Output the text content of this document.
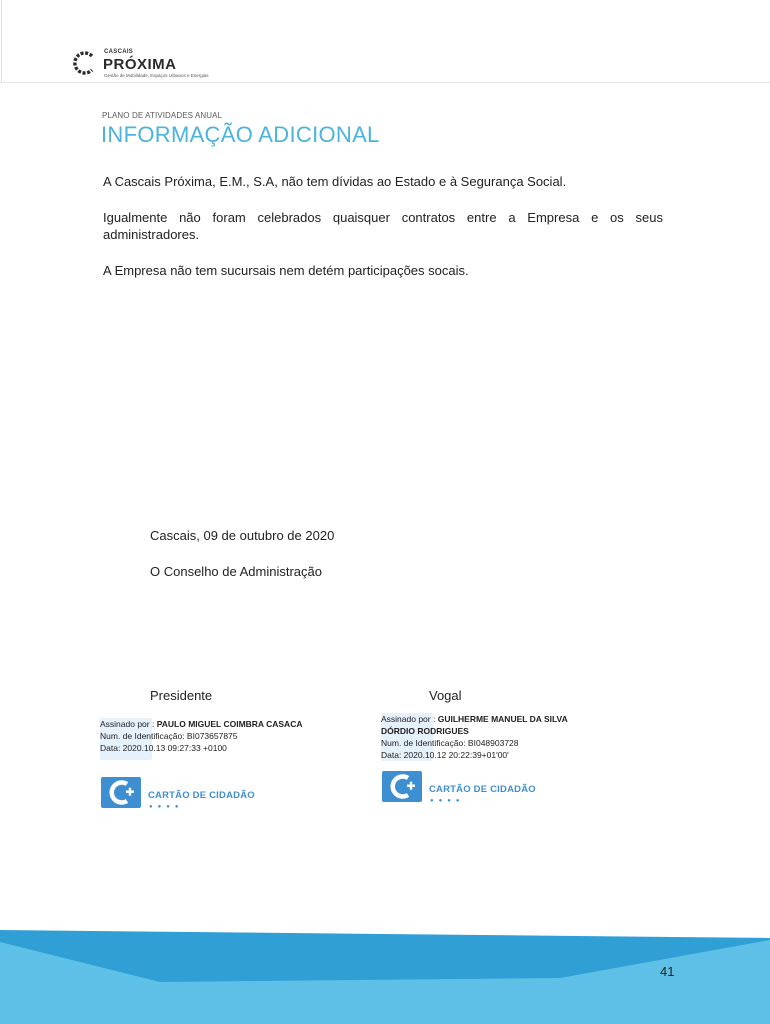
CASCAIS
PRÓXIMA
Gestão de Mobilidade, Espaços Urbanos e Energias
PLANO DE ATIVIDADES ANUAL
INFORMAÇÃO ADICIONAL
A Cascais Próxima, E.M., S.A, não tem dívidas ao Estado e à Segurança Social.
Igualmente não foram celebrados quaisquer contratos entre a Empresa e os seus administradores.
A Empresa não tem sucursais nem detém participações socais.
Cascais, 09 de outubro de 2020
O Conselho de Administração
Presidente	Vogal
Assinado por : PAULO MIGUEL COIMBRA CASACA
Num. de Identificação: BI073657875
Data: 2020.10.13 09:27:33 +0100
Assinado por : GUILHERME MANUEL DA SILVA
DÓRDIO RODRIGUES
Num. de Identificação: BI048903728
Data: 2020.10.12 20:22:39+01'00'
CARTÃO DE CIDADÃO
●●●●
CARTÃO DE CIDADÃO
●●●●
41
